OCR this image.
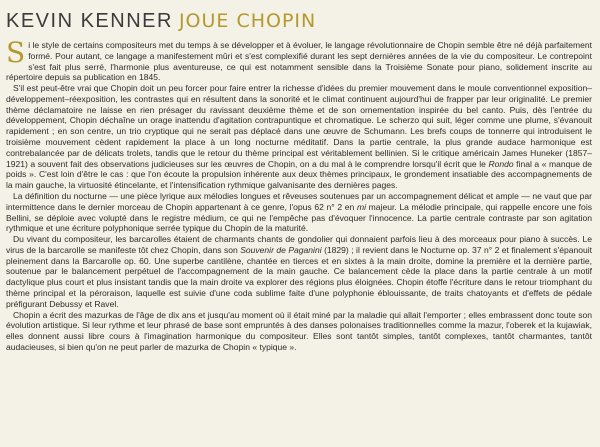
KEVIN KENNER JOUE CHOPIN

Si le style de certains compositeurs met du temps à se développer et à évoluer, le langage révolutionnaire de Chopin semble être né déjà parfaitement formé. Pour autant, ce langage a manifestement mûri et s'est complexifié durant les sept dernières années de la vie du compositeur. Le contrepoint s'est fait plus serré, l'harmonie plus aventureuse, ce qui est notamment sensible dans la Troisième Sonate pour piano, solidement inscrite au répertoire depuis sa publication en 1845.

S'il est peut-être vrai que Chopin doit un peu forcer pour faire entrer la richesse d'idées du premier mouvement dans le moule conventionnel exposition–développement–réexposition, les contrastes qui en résultent dans la sonorité et le climat continuent aujourd'hui de frapper par leur originalité. Le premier thème déclamatoire ne laisse en rien présager du ravissant deuxième thème et de son ornementation inspirée du bel canto. Puis, dès l'entrée du développement, Chopin déchaîne un orage inattendu d'agitation contrapuntique et chromatique. Le scherzo qui suit, léger comme une plume, s'évanouit rapidement ; en son centre, un trio cryptique qui ne serait pas déplacé dans une œuvre de Schumann. Les brefs coups de tonnerre qui introduisent le troisième mouvement cèdent rapidement la place à un long nocturne méditatif. Dans la partie centrale, la plus grande audace harmonique est contrebalancée par de délicats trolets, tandis que le retour du thème principal est véritablement bellinien. Si le critique américain James Huneker (1857–1921) a souvent fait des observations judicieuses sur les œuvres de Chopin, on a du mal à le comprendre lorsqu'il écrit que le Rondo final a « manque de poids ». C'est loin d'être le cas : que l'on écoute la propulsion inhérente aux deux thèmes principaux, le grondement insatiable des accompagnements de la main gauche, la virtuosité étincelante, et l'intensification rythmique galvanisante des dernières pages.

La définition du nocturne — une pièce lyrique aux mélodies longues et rêveuses soutenues par un accompagnement délicat et ample — ne vaut que par intermittence dans le dernier morceau de Chopin appartenant à ce genre, l'opus 62 n° 2 en mi majeur. La mélodie principale, qui rappelle encore une fois Bellini, se déploie avec volupté dans le registre médium, ce qui ne l'empêche pas d'évoquer l'innocence. La partie centrale contraste par son agitation rythmique et une écriture polyphonique serrée typique du Chopin de la maturité.

Du vivant du compositeur, les barcarolles étaient de charmants chants de gondolier qui donnaient parfois lieu à des morceaux pour piano à succès. Le virus de la barcarolle se manifeste tôt chez Chopin, dans son Souvenir de Paganini (1829) ; il revient dans le Nocturne op. 37 n° 2 et finalement s'épanouit pleinement dans la Barcarolle op. 60. Une superbe cantilène, chantée en tierces et en sixtes à la main droite, domine la première et la dernière partie, soutenue par le balancement perpétuel de l'accompagnement de la main gauche. Ce balancement cède la place dans la partie centrale à un motif dactylique plus court et plus insistant tandis que la main droite va explorer des régions plus éloignées. Chopin étoffe l'écriture dans le retour triomphant du thème principal et la péroraison, laquelle est suivie d'une coda sublime faite d'une polyphonie éblouissante, de traits chatoyants et d'effets de pédale préfigurant Debussy et Ravel.

Chopin a écrit des mazurkas de l'âge de dix ans et jusqu'au moment où il était miné par la maladie qui allait l'emporter ; elles embrassent donc toute son évolution artistique. Si leur rythme et leur phrasé de base sont empruntés à des danses polonaises traditionnelles comme la mazur, l'oberek et la kujawiak, elles donnent aussi libre cours à l'imagination harmonique du compositeur. Elles sont tantôt simples, tantôt complexes, tantôt charmantes, tantôt audacieuses, si bien qu'on ne peut parler de mazurka de Chopin « typique ».
